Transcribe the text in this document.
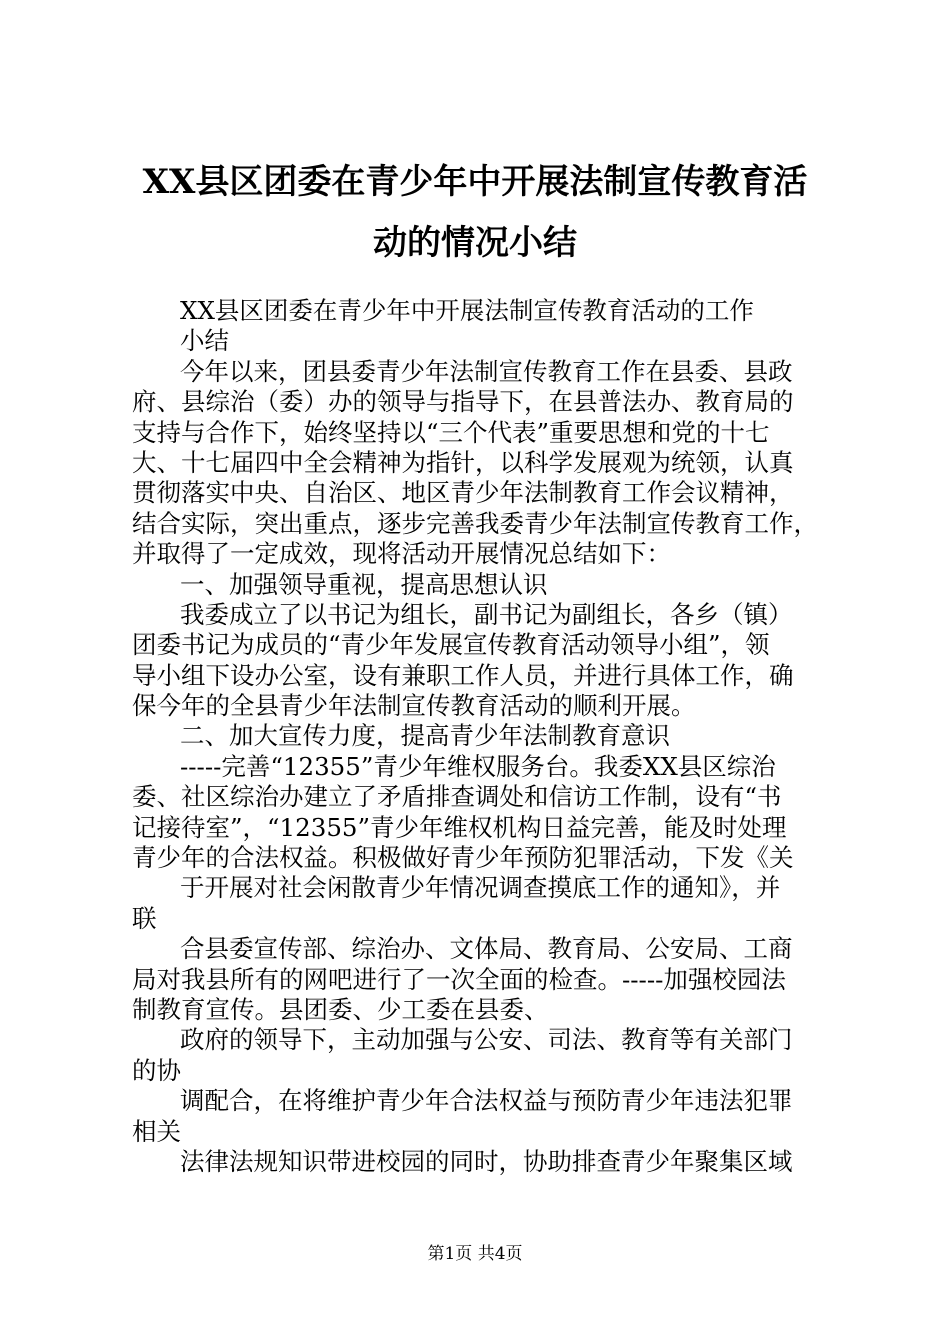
XX县区团委在青少年中开展法制宣传教育活
动的情况小结
XX县区团委在青少年中开展法制宣传教育活动的工作
小结
今年以来，团县委青少年法制宣传教育工作在县委、县政
府、县综治（委）办的领导与指导下，在县普法办、教育局的
支持与合作下，始终坚持以“三个代表”重要思想和党的十七
大、十七届四中全会精神为指针，以科学发展观为统领，认真
贯彻落实中央、自治区、地区青少年法制教育工作会议精神，
结合实际，突出重点，逐步完善我委青少年法制宣传教育工作，
并取得了一定成效，现将活动开展情况总结如下：
一、加强领导重视，提高思想认识
我委成立了以书记为组长，副书记为副组长，各乡（镇）
团委书记为成员的“青少年发展宣传教育活动领导小组”，领
导小组下设办公室，设有兼职工作人员，并进行具体工作，确
保今年的全县青少年法制宣传教育活动的顺利开展。
二、加大宣传力度，提高青少年法制教育意识
-----完善“12355”青少年维权服务台。我委XX县区综治
委、社区综治办建立了矛盾排查调处和信访工作制，设有“书
记接待室”，“12355”青少年维权机构日益完善，能及时处理
青少年的合法权益。积极做好青少年预防犯罪活动，下发《关
于开展对社会闲散青少年情况调查摸底工作的通知》，并
联
合县委宣传部、综治办、文体局、教育局、公安局、工商
局对我县所有的网吧进行了一次全面的检查。-----加强校园法
制教育宣传。县团委、少工委在县委、
政府的领导下，主动加强与公安、司法、教育等有关部门
的协
调配合，在将维护青少年合法权益与预防青少年违法犯罪
相关
法律法规知识带进校园的同时，协助排查青少年聚集区域
第1页 共4页
